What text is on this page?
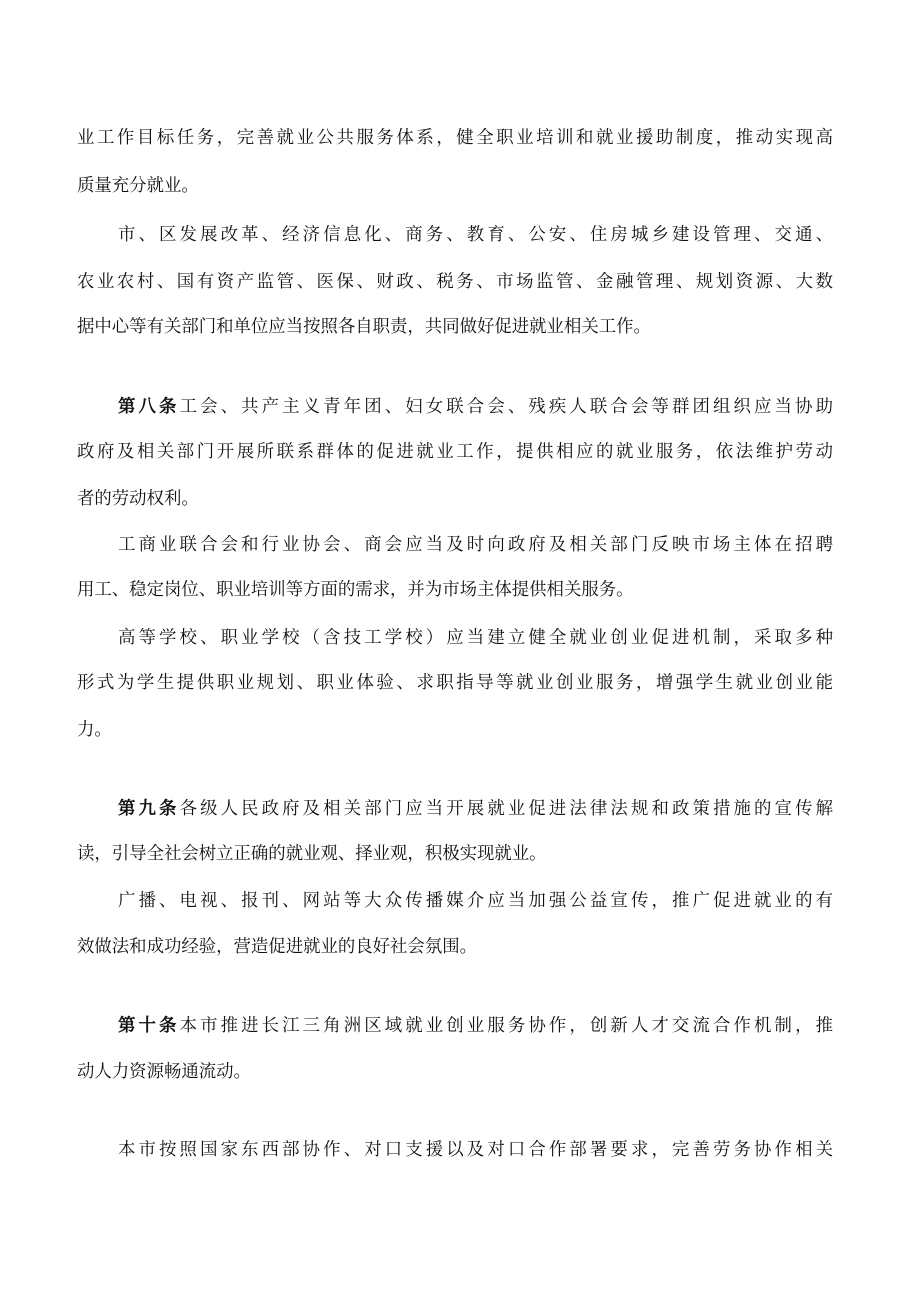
业工作目标任务，完善就业公共服务体系，健全职业培训和就业援助制度，推动实现高
质量充分就业。
市、区发展改革、经济信息化、商务、教育、公安、住房城乡建设管理、交通、
农业农村、国有资产监管、医保、财政、税务、市场监管、金融管理、规划资源、大数
据中心等有关部门和单位应当按照各自职责，共同做好促进就业相关工作。
第八条工会、共产主义青年团、妇女联合会、残疾人联合会等群团组织应当协助
政府及相关部门开展所联系群体的促进就业工作，提供相应的就业服务，依法维护劳动
者的劳动权利。
工商业联合会和行业协会、商会应当及时向政府及相关部门反映市场主体在招聘
用工、稳定岗位、职业培训等方面的需求，并为市场主体提供相关服务。
高等学校、职业学校（含技工学校）应当建立健全就业创业促进机制，采取多种
形式为学生提供职业规划、职业体验、求职指导等就业创业服务，增强学生就业创业能
力。
第九条各级人民政府及相关部门应当开展就业促进法律法规和政策措施的宣传解
读，引导全社会树立正确的就业观、择业观，积极实现就业。
广播、电视、报刊、网站等大众传播媒介应当加强公益宣传，推广促进就业的有
效做法和成功经验，营造促进就业的良好社会氛围。
第十条本市推进长江三角洲区域就业创业服务协作，创新人才交流合作机制，推
动人力资源畅通流动。
本市按照国家东西部协作、对口支援以及对口合作部署要求，完善劳务协作相关
